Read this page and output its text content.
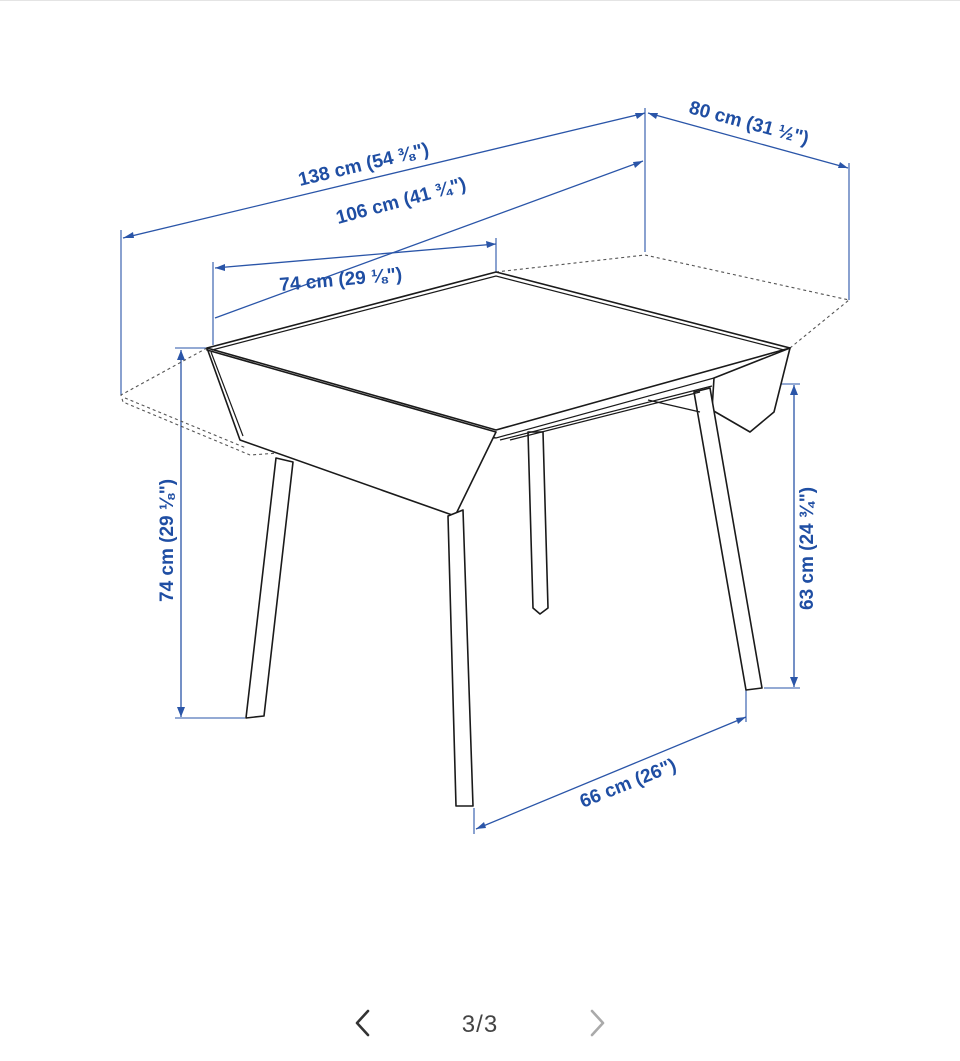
138 cm (54 ⅜")
106 cm (41 ¾")
74 cm (29 ⅛")
80 cm (31 ½")
74 cm (29 ⅛")	63 cm (24 ¾")
66 cm (26")
3/3
